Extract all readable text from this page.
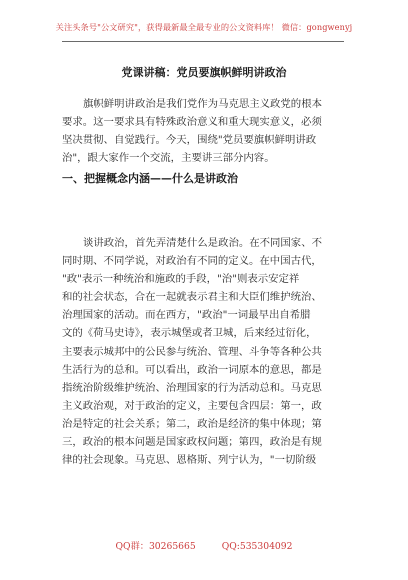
关注头条号"公文研究"，获得最新最全最专业的公文资料库！ 微信：gongwenyj
党课讲稿：党员要旗帜鲜明讲政治
旗帜鲜明讲政治是我们党作为马克思主义政党的根本
要求。这一要求具有特殊政治意义和重大现实意义，必须
坚决贯彻、自觉践行。今天，围绕"党员要旗帜鲜明讲政
治"，跟大家作一个交流，主要讲三部分内容。
一、把握概念内涵——什么是讲政治
谈讲政治，首先弄清楚什么是政治。在不同国家、不
同时期、不同学说，对政治有不同的定义。在中国古代，
"政"表示一种统治和施政的手段，"治"则表示安定祥
和的社会状态，合在一起就表示君主和大臣们维护统治、
治理国家的活动。而在西方，"政治"一词最早出自希腊
文的《荷马史诗》，表示城堡或者卫城，后来经过衍化，
主要表示城邦中的公民参与统治、管理、斗争等各种公共
生活行为的总和。可以看出，政治一词原本的意思，都是
指统治阶级维护统治、治理国家的行为活动总和。马克思
主义政治观，对于政治的定义，主要包含四层：第一，政
治是特定的社会关系；第二，政治是经济的集中体现；第
三，政治的根本问题是国家政权问题；第四，政治是有规
律的社会现象。马克思、恩格斯、列宁认为，"一切阶级
QQ群：30265665	QQ:535304092
